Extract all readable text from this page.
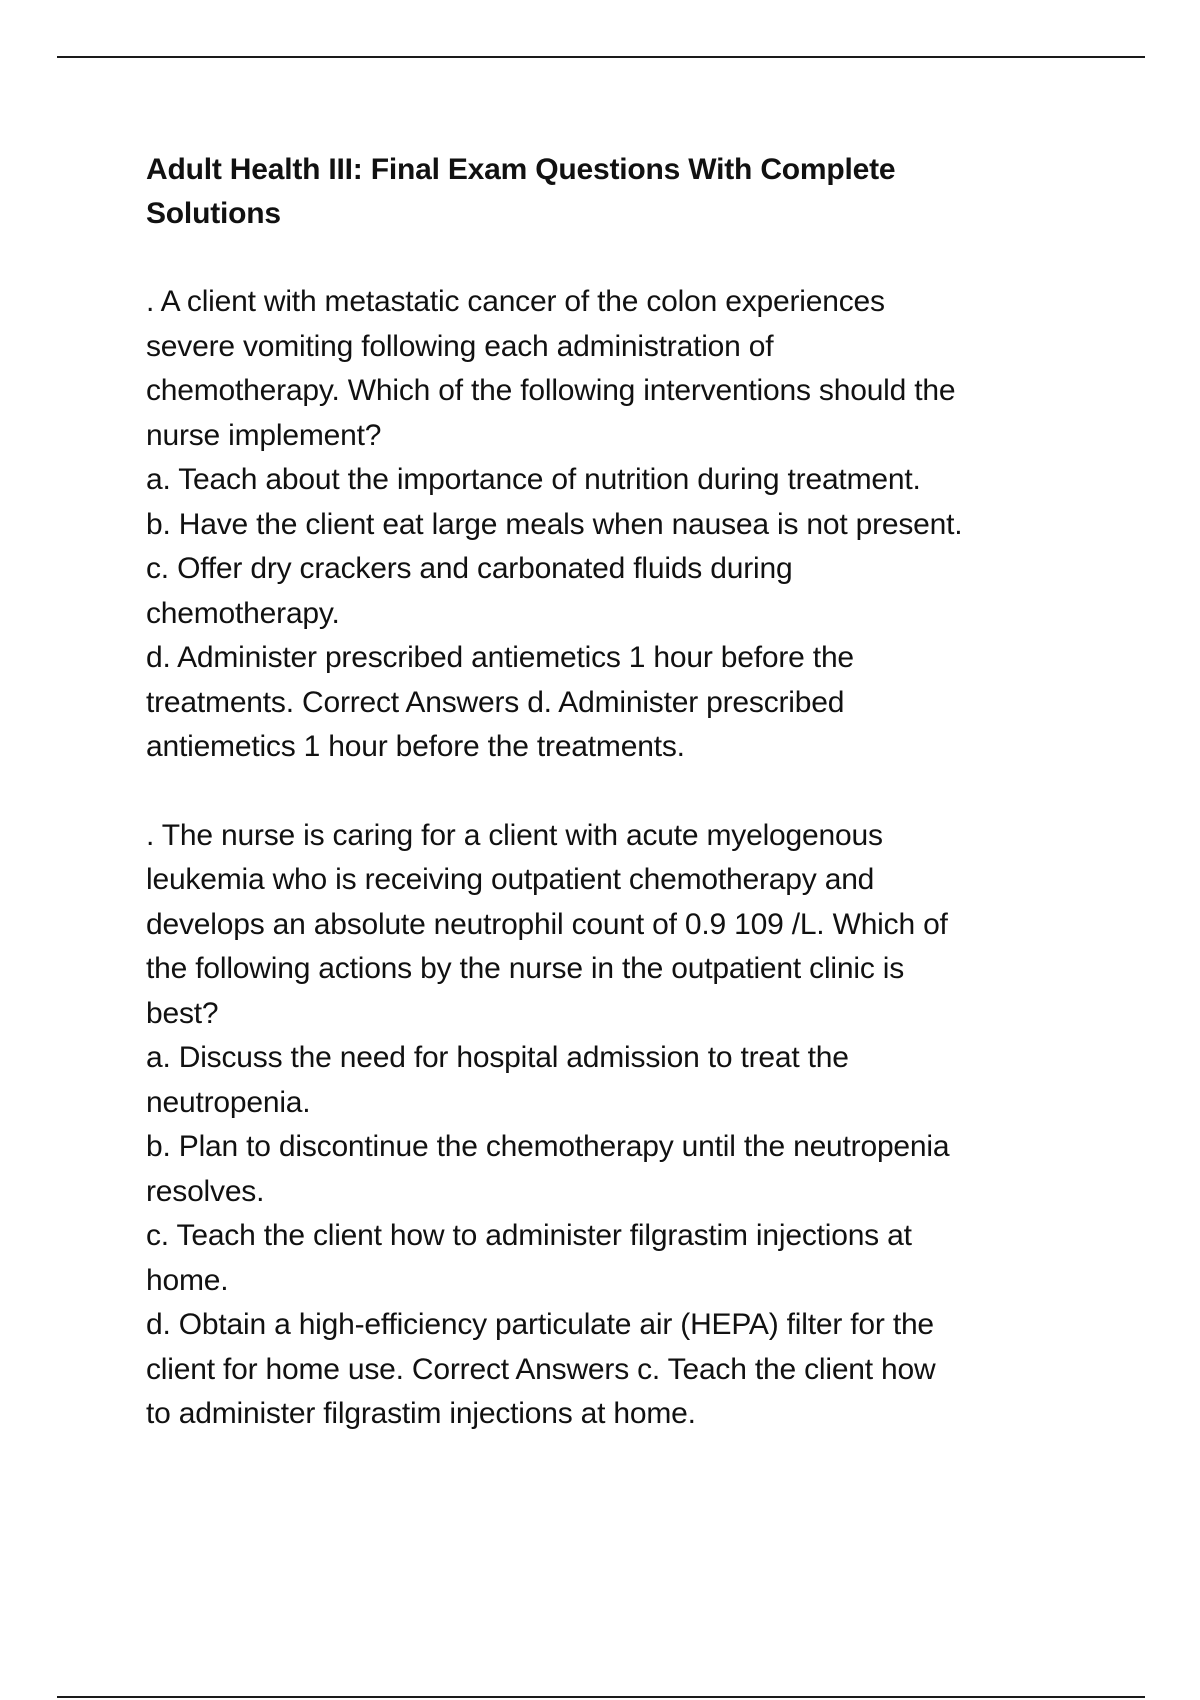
Adult Health III: Final Exam Questions With Complete
Solutions
. A client with metastatic cancer of the colon experiences
severe vomiting following each administration of
chemotherapy. Which of the following interventions should the
nurse implement?
a. Teach about the importance of nutrition during treatment.
b. Have the client eat large meals when nausea is not present.
c. Offer dry crackers and carbonated fluids during
chemotherapy.
d. Administer prescribed antiemetics 1 hour before the
treatments. Correct Answers d. Administer prescribed
antiemetics 1 hour before the treatments.
. The nurse is caring for a client with acute myelogenous
leukemia who is receiving outpatient chemotherapy and
develops an absolute neutrophil count of 0.9 109 /L. Which of
the following actions by the nurse in the outpatient clinic is
best?
a. Discuss the need for hospital admission to treat the
neutropenia.
b. Plan to discontinue the chemotherapy until the neutropenia
resolves.
c. Teach the client how to administer filgrastim injections at
home.
d. Obtain a high-efficiency particulate air (HEPA) filter for the
client for home use. Correct Answers c. Teach the client how
to administer filgrastim injections at home.
